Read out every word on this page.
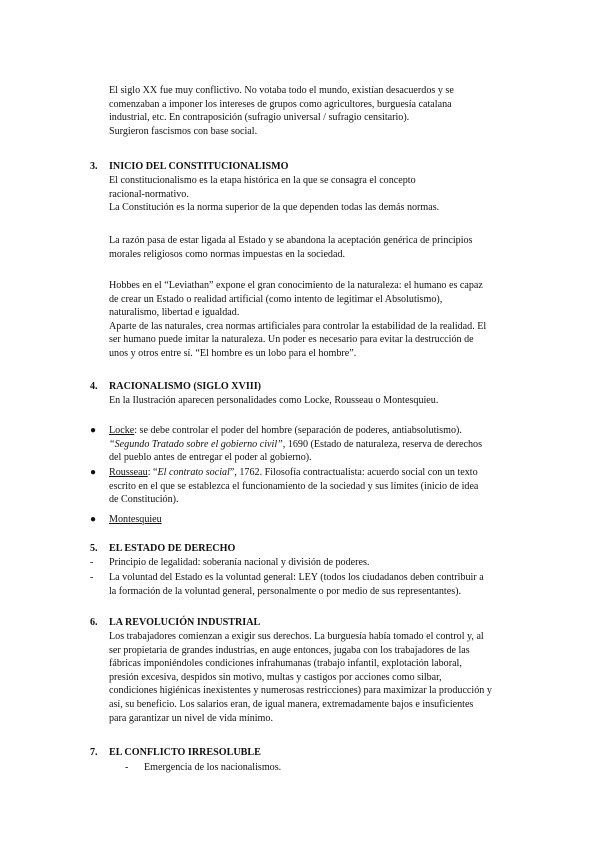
El siglo XX fue muy conflictivo. No votaba todo el mundo, existían desacuerdos y se

comenzaban a imponer los intereses de grupos como agricultores, burguesía catalana

industrial, etc. En contraposición (sufragio universal / sufragio censitario).

Surgieron fascismos con base social.

3. INICIO DEL CONSTITUCIONALISMO

El constitucionalismo es la etapa histórica en la que se consagra el concepto

racional-normativo.

La Constitución es la norma superior de la que dependen todas las demás normas.

La razón pasa de estar ligada al Estado y se abandona la aceptación genérica de principios

morales religiosos como normas impuestas en la sociedad.

Hobbes en el “Leviathan” expone el gran conocimiento de la naturaleza: el humano es capaz

de crear un Estado o realidad artificial (como intento de legitimar el Absolutismo),

naturalismo, libertad e igualdad.

Aparte de las naturales, crea normas artificiales para controlar la estabilidad de la realidad. El

ser humano puede imitar la naturaleza. Un poder es necesario para evitar la destrucción de

unos y otros entre sí. “El hombre es un lobo para el hombre”.

4. RACIONALISMO (SIGLO XVIII)

En la Ilustración aparecen personalidades como Locke, Rousseau o Montesquieu.

●	Locke: se debe controlar el poder del hombre (separación de poderes, antiabsolutismo).
“Segundo Tratado sobre el gobierno civil”, 1690 (Estado de naturaleza, reserva de derechos
del pueblo antes de entregar el poder al gobierno).
●	Rousseau: “El contrato social”, 1762. Filosofía contractualista: acuerdo social con un texto
escrito en el que se establezca el funcionamiento de la sociedad y sus límites (inicio de idea
de Constitución).
●	Montesquieu
5. EL ESTADO DE DERECHO
-	Principio de legalidad: soberanía nacional y división de poderes.
-	La voluntad del Estado es la voluntad general: LEY (todos los ciudadanos deben contribuir a
la formación de la voluntad general, personalmente o por medio de sus representantes).
6. LA REVOLUCIÓN INDUSTRIAL

Los trabajadores comienzan a exigir sus derechos. La burguesía había tomado el control y, al

ser propietaria de grandes industrias, en auge entonces, jugaba con los trabajadores de las

fábricas imponiéndoles condiciones infrahumanas (trabajo infantil, explotación laboral,

presión excesiva, despidos sin motivo, multas y castigos por acciones como silbar,

condiciones higiénicas inexistentes y numerosas restricciones) para maximizar la producción y

así, su beneficio. Los salarios eran, de igual manera, extremadamente bajos e insuficientes

para garantizar un nivel de vida mínimo.

7. EL CONFLICTO IRRESOLUBLE
-	Emergencia de los nacionalismos.
